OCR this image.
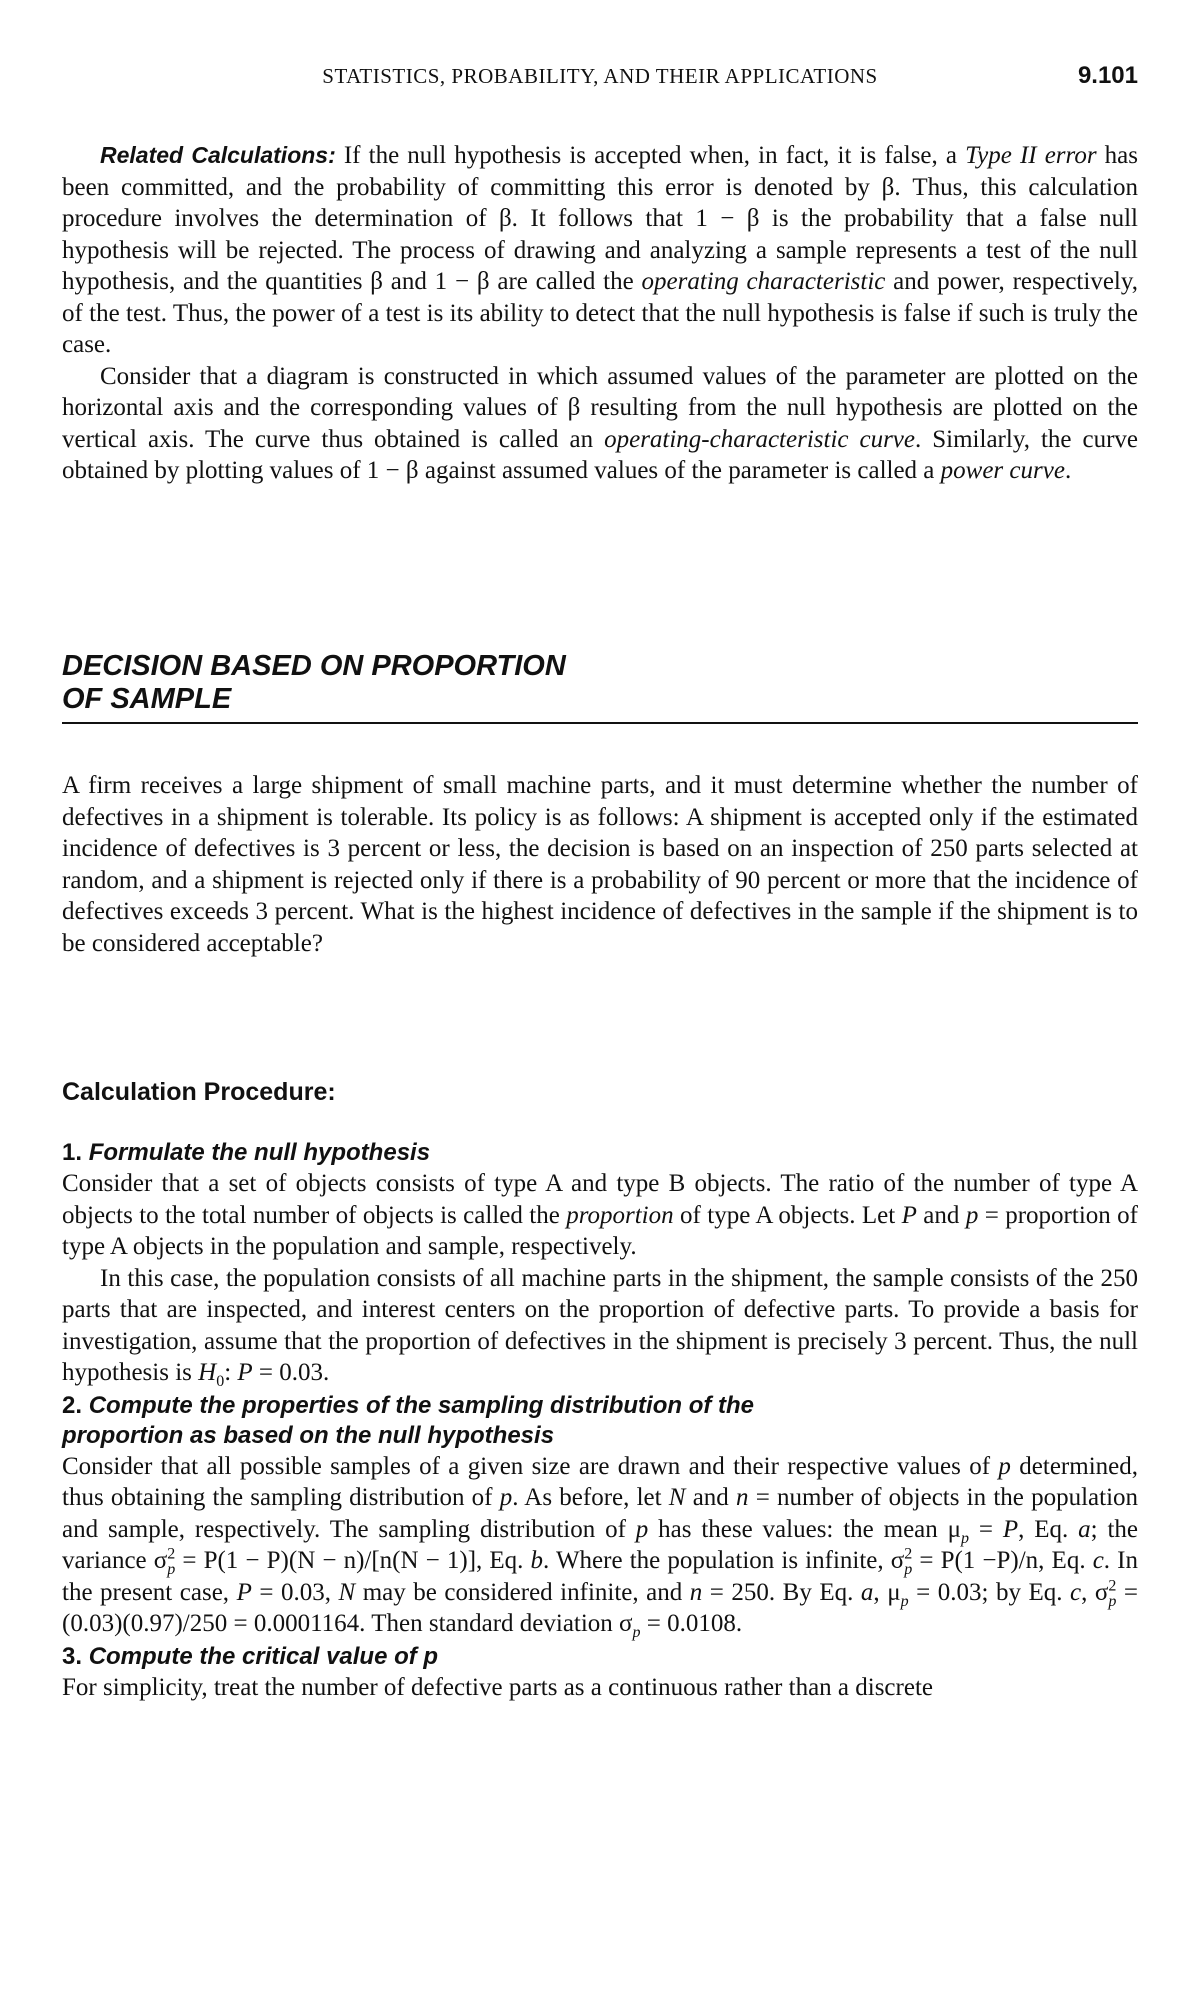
STATISTICS, PROBABILITY, AND THEIR APPLICATIONS	9.101

Related Calculations: If the null hypothesis is accepted when, in fact, it is false, a Type II error has been committed, and the probability of committing this error is denoted by β. Thus, this calculation procedure involves the determination of β. It follows that 1 − β is the probability that a false null hypothesis will be rejected. The process of drawing and analyzing a sample represents a test of the null hypothesis, and the quantities β and 1 − β are called the operating characteristic and power, respectively, of the test. Thus, the power of a test is its ability to detect that the null hypothesis is false if such is truly the case.

Consider that a diagram is constructed in which assumed values of the parameter are plotted on the horizontal axis and the corresponding values of β resulting from the null hypothesis are plotted on the vertical axis. The curve thus obtained is called an operating-characteristic curve. Similarly, the curve obtained by plotting values of 1 − β against assumed values of the parameter is called a power curve.

DECISION BASED ON PROPORTION
OF SAMPLE

A firm receives a large shipment of small machine parts, and it must determine whether the number of defectives in a shipment is tolerable. Its policy is as follows: A shipment is accepted only if the estimated incidence of defectives is 3 percent or less, the decision is based on an inspection of 250 parts selected at random, and a shipment is rejected only if there is a probability of 90 percent or more that the incidence of defectives exceeds 3 percent. What is the highest incidence of defectives in the sample if the shipment is to be considered acceptable?

Calculation Procedure:

1. Formulate the null hypothesis

Consider that a set of objects consists of type A and type B objects. The ratio of the number of type A objects to the total number of objects is called the proportion of type A objects. Let P and p = proportion of type A objects in the population and sample, respectively.

In this case, the population consists of all machine parts in the shipment, the sample consists of the 250 parts that are inspected, and interest centers on the proportion of defective parts. To provide a basis for investigation, assume that the proportion of defectives in the shipment is precisely 3 percent. Thus, the null hypothesis is $H_0$: P = 0.03.

2. Compute the properties of the sampling distribution of the
proportion as based on the null hypothesis

Consider that all possible samples of a given size are drawn and their respective values of p determined, thus obtaining the sampling distribution of p. As before, let N and n = number of objects in the population and sample, respectively. The sampling distribution of p has these values: the mean $\mu_p = P$, Eq. a; the variance $\sigma^2_p = P(1 - P)(N - n)/[n(N - 1)]$, Eq. b. Where the population is infinite, $\sigma^2_p = P(1 -P)/n$, Eq. c. In the present case, P = 0.03, N may be considered infinite, and n = 250. By Eq. a, $\mu_p = 0.03$; by Eq. c, $\sigma^2_p = (0.03)(0.97)/250 = 0.0001164$. Then standard deviation $\sigma_p = 0.0108$.

3. Compute the critical value of p

For simplicity, treat the number of defective parts as a continuous rather than a discrete
